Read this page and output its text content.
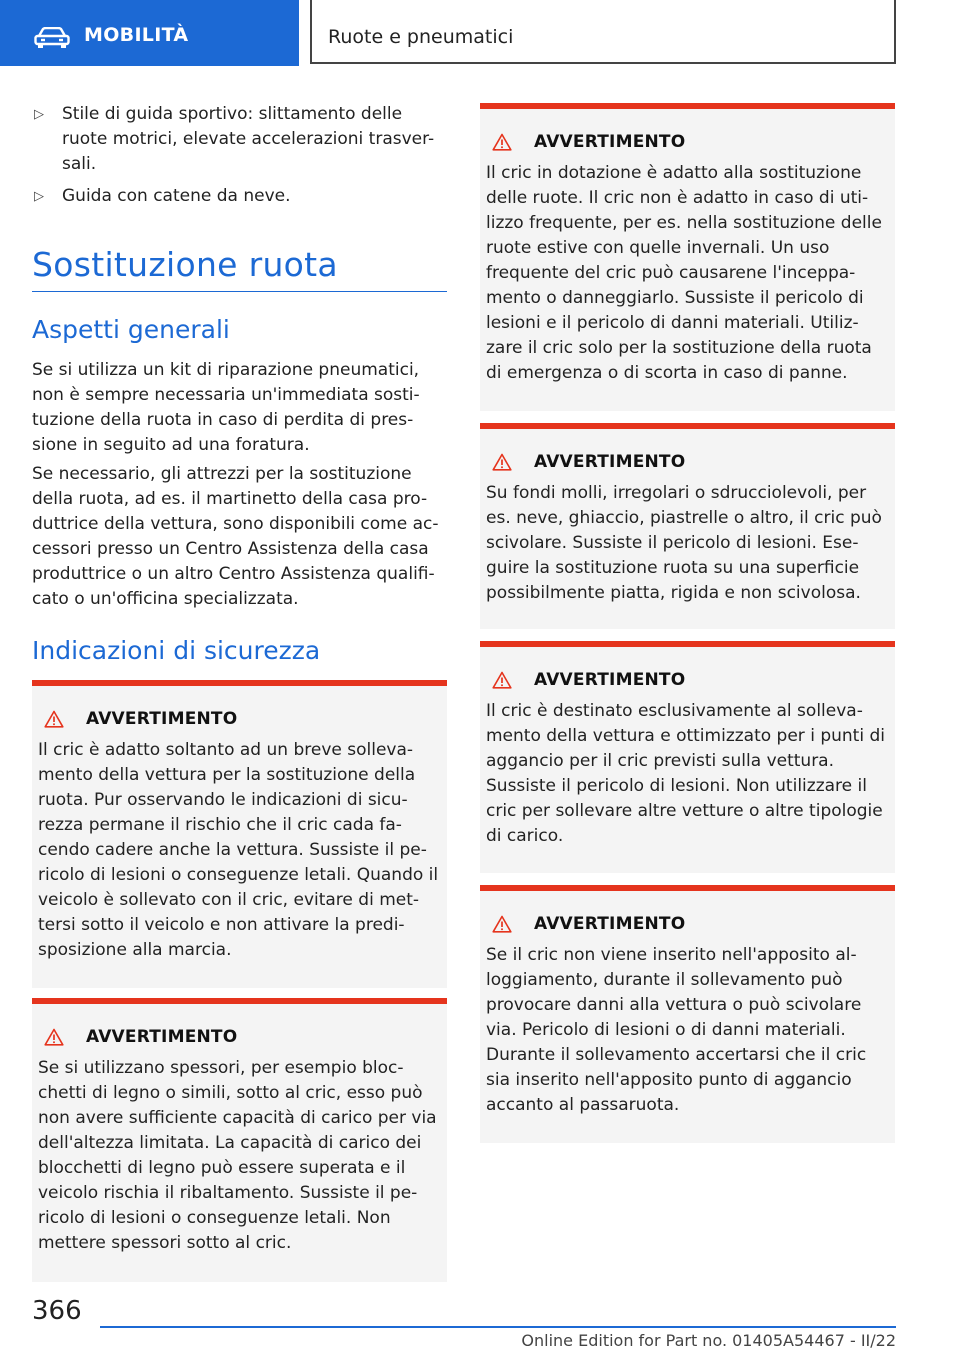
MOBILITÀ	Ruote e pneumatici
▷ Stile di guida sportivo: slittamento delle ruote motrici, elevate accelerazioni trasver-sali.
▷ Guida con catene da neve.
Sostituzione ruota
Aspetti generali
Se si utilizza un kit di riparazione pneumatici, non è sempre necessaria un'immediata sosti-tuzione della ruota in caso di perdita di pres-sione in seguito ad una foratura.
Se necessario, gli attrezzi per la sostituzione della ruota, ad es. il martinetto della casa pro-duttrice della vettura, sono disponibili come ac-cessori presso un Centro Assistenza della casa produttrice o un altro Centro Assistenza qualifi-cato o un'officina specializzata.
Indicazioni di sicurezza
AVVERTIMENTO
Il cric è adatto soltanto ad un breve solleva-mento della vettura per la sostituzione della ruota. Pur osservando le indicazioni di sicu-rezza permane il rischio che il cric cada fa-cendo cadere anche la vettura. Sussiste il pe-ricolo di lesioni o conseguenze letali. Quando il veicolo è sollevato con il cric, evitare di met-tersi sotto il veicolo e non attivare la predi-sposizione alla marcia.
AVVERTIMENTO
Se si utilizzano spessori, per esempio bloc-chetti di legno o simili, sotto al cric, esso può non avere sufficiente capacità di carico per via dell'altezza limitata. La capacità di carico dei blocchetti di legno può essere superata e il veicolo rischia il ribaltamento. Sussiste il pe-ricolo di lesioni o conseguenze letali. Non mettere spessori sotto al cric.
AVVERTIMENTO
Il cric in dotazione è adatto alla sostituzione delle ruote. Il cric non è adatto in caso di uti-lizzo frequente, per es. nella sostituzione delle ruote estive con quelle invernali. Un uso frequente del cric può causarene l'inceppa-mento o danneggiarlo. Sussiste il pericolo di lesioni e il pericolo di danni materiali. Utiliz-zare il cric solo per la sostituzione della ruota di emergenza o di scorta in caso di panne.
AVVERTIMENTO
Su fondi molli, irregolari o sdrucciolevoli, per es. neve, ghiaccio, piastrelle o altro, il cric può scivolare. Sussiste il pericolo di lesioni. Ese-guire la sostituzione ruota su una superficie possibilmente piatta, rigida e non scivolosa.
AVVERTIMENTO
Il cric è destinato esclusivamente al solleva-mento della vettura e ottimizzato per i punti di aggancio per il cric previsti sulla vettura. Sussiste il pericolo di lesioni. Non utilizzare il cric per sollevare altre vetture o altre tipologie di carico.
AVVERTIMENTO
Se il cric non viene inserito nell'apposito al-loggiamento, durante il sollevamento può provocare danni alla vettura o può scivolare via. Pericolo di lesioni o di danni materiali. Durante il sollevamento accertarsi che il cric sia inserito nell'apposito punto di aggancio accanto al passaruota.
366
Online Edition for Part no. 01405A54467 - II/22
